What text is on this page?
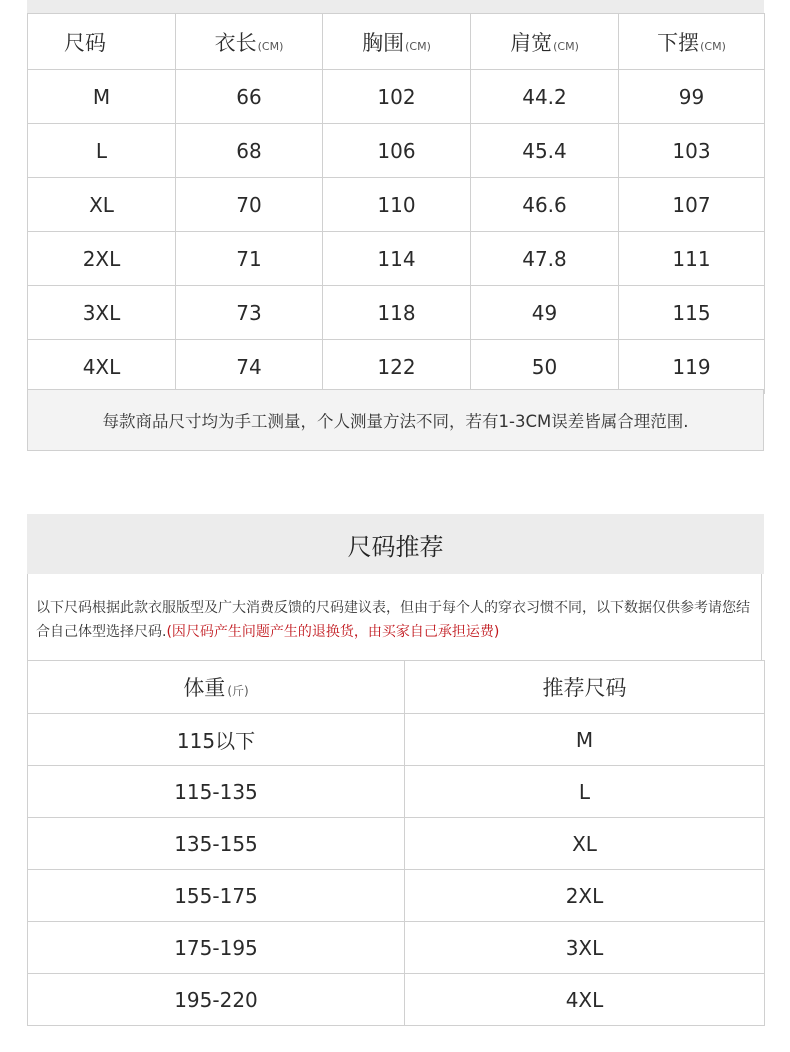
尺码	衣长(CM)	胸围(CM)	肩宽(CM)	下摆(CM)
M	66	102	44.2	99
L	68	106	45.4	103
XL	70	110	46.6	107
2XL	71	114	47.8	111
3XL	73	118	49	115
4XL	74	122	50	119
每款商品尺寸均为手工测量，个人测量方法不同，若有1-3CM误差皆属合理范围.
尺码推荐
以下尺码根据此款衣服版型及广大消费反馈的尺码建议表，但由于每个人的穿衣习惯不同，以下数据仅供参考请您结合自己体型选择尺码.(因尺码产生问题产生的退换货，由买家自己承担运费)
体重 (斤)	推荐尺码
115以下	M
115-135	L
135-155	XL
155-175	2XL
175-195	3XL
195-220	4XL
